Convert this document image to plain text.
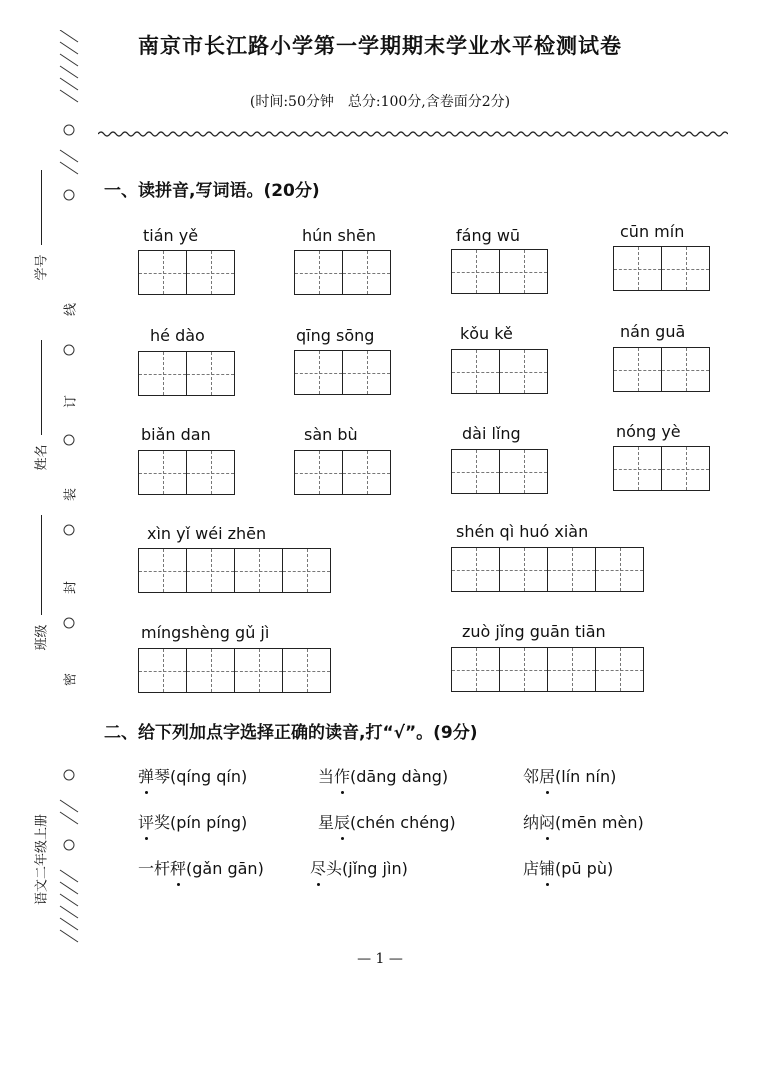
线
订
装
封
密
学号
姓名
班级
语文二年级上册
南京市长江路小学第一学期期末学业水平检测试卷
(时间:50分钟　总分:100分,含卷面分2分)
一、读拼音,写词语。(20分)
tián yě	hún shēn	fáng wū	cūn mín
hé dào	qīng sōng	kǒu kě	nán guā
biǎn dan	sàn bù	dài lǐng	nóng yè
xìn yǐ wéi zhēn	shén qì huó xiàn
míngshèng gǔ jì	zuò jǐng guān tiān
二、给下列加点字选择正确的读音,打“√”。(9分)
弹琴(qíng qín)	当作(dāng dàng)	邻居(lín nín)
评奖(pín píng)	星辰(chén chéng)	纳闷(mēn mèn)
一杆秤(gǎn gān)	尽头(jǐng jìn)	店铺(pū pù)
— 1 —
